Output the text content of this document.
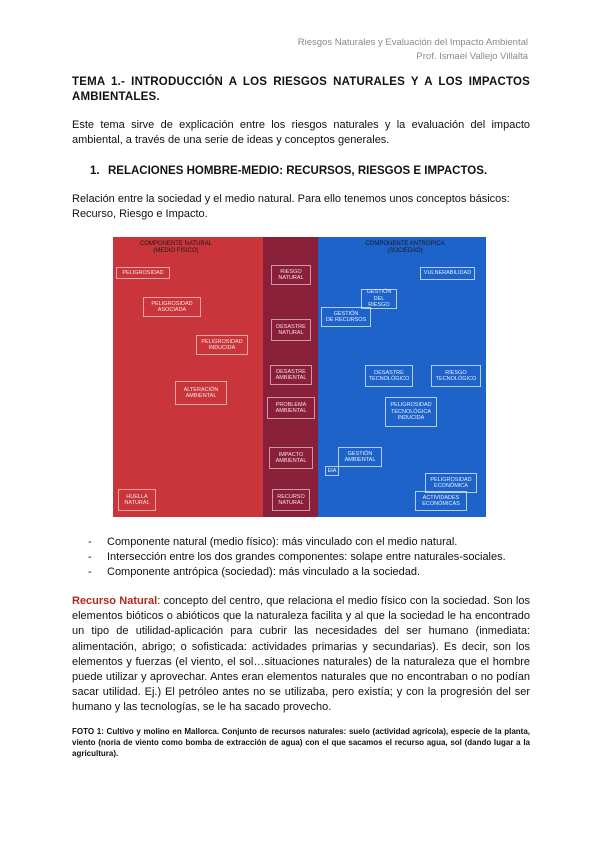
Riesgos Naturales y Evaluación del Impacto Ambiental
Prof. Ismael Vallejo Villalta
TEMA 1.- INTRODUCCIÓN A LOS RIESGOS NATURALES Y A LOS IMPACTOS AMBIENTALES.

Este tema sirve de explicación entre los riesgos naturales y la evaluación del impacto ambiental, a través de una serie de ideas y conceptos generales.

1. RELACIONES HOMBRE-MEDIO: RECURSOS, RIESGOS E IMPACTOS.

Relación entre la sociedad y el medio natural. Para ello tenemos unos conceptos básicos: Recurso, Riesgo e Impacto.

COMPONENTE NATURAL
(MEDIO FÍSICO)
COMPONENTE ANTRÓPICA
(SOCIEDAD)
PELIGROSIDAD
PELIGROSIDAD
ASOCIADA
PELIGROSIDAD
INDUCIDA
ALTERACIÓN
AMBIENTAL
HUELLA
NATURAL
RIESGO
NATURAL
DESASTRE
NATURAL
DESASTRE
AMBIENTAL
PROBLEMA
AMBIENTAL
IMPACTO
AMBIENTAL
RECURSO
NATURAL
VULNERABILIDAD
GESTIÓN
DEL RIESGO
GESTIÓN
DE RECURSOS
DESASTRE
TECNOLÓGICO
RIESGO
TECNOLÓGICO
PELIGROSIDAD
TECNOLÓGICA
INDUCIDA
GESTIÓN
AMBIENTAL
EIA
PELIGROSIDAD
ECONÓMICA
ACTIVIDADES
ECONÓMICAS
- Componente natural (medio físico): más vinculado con el medio natural.
- Intersección entre los dos grandes componentes: solape entre naturales-sociales.
- Componente antrópica (sociedad): más vinculado a la sociedad.

Recurso Natural: concepto del centro, que relaciona el medio físico con la sociedad. Son los elementos bióticos o abióticos que la naturaleza facilita y al que la sociedad le ha encontrado un tipo de utilidad-aplicación para cubrir las necesidades del ser humano (inmediata: alimentación, abrigo; o sofisticada: actividades primarias y secundarias). Es decir, son los elementos y fuerzas (el viento, el sol…situaciones naturales) de la naturaleza que el hombre puede utilizar y aprovechar. Antes eran elementos naturales que no encontraban o no podían sacar utilidad. Ej.) El petróleo antes no se utilizaba, pero existía; y con la progresión del ser humano y las tecnologías, se le ha sacado provecho.

FOTO 1: Cultivo y molino en Mallorca. Conjunto de recursos naturales: suelo (actividad agrícola), especie de la planta, viento (noria de viento como bomba de extracción de agua) con el que sacamos el recurso agua, sol (dando lugar a la agricultura).
